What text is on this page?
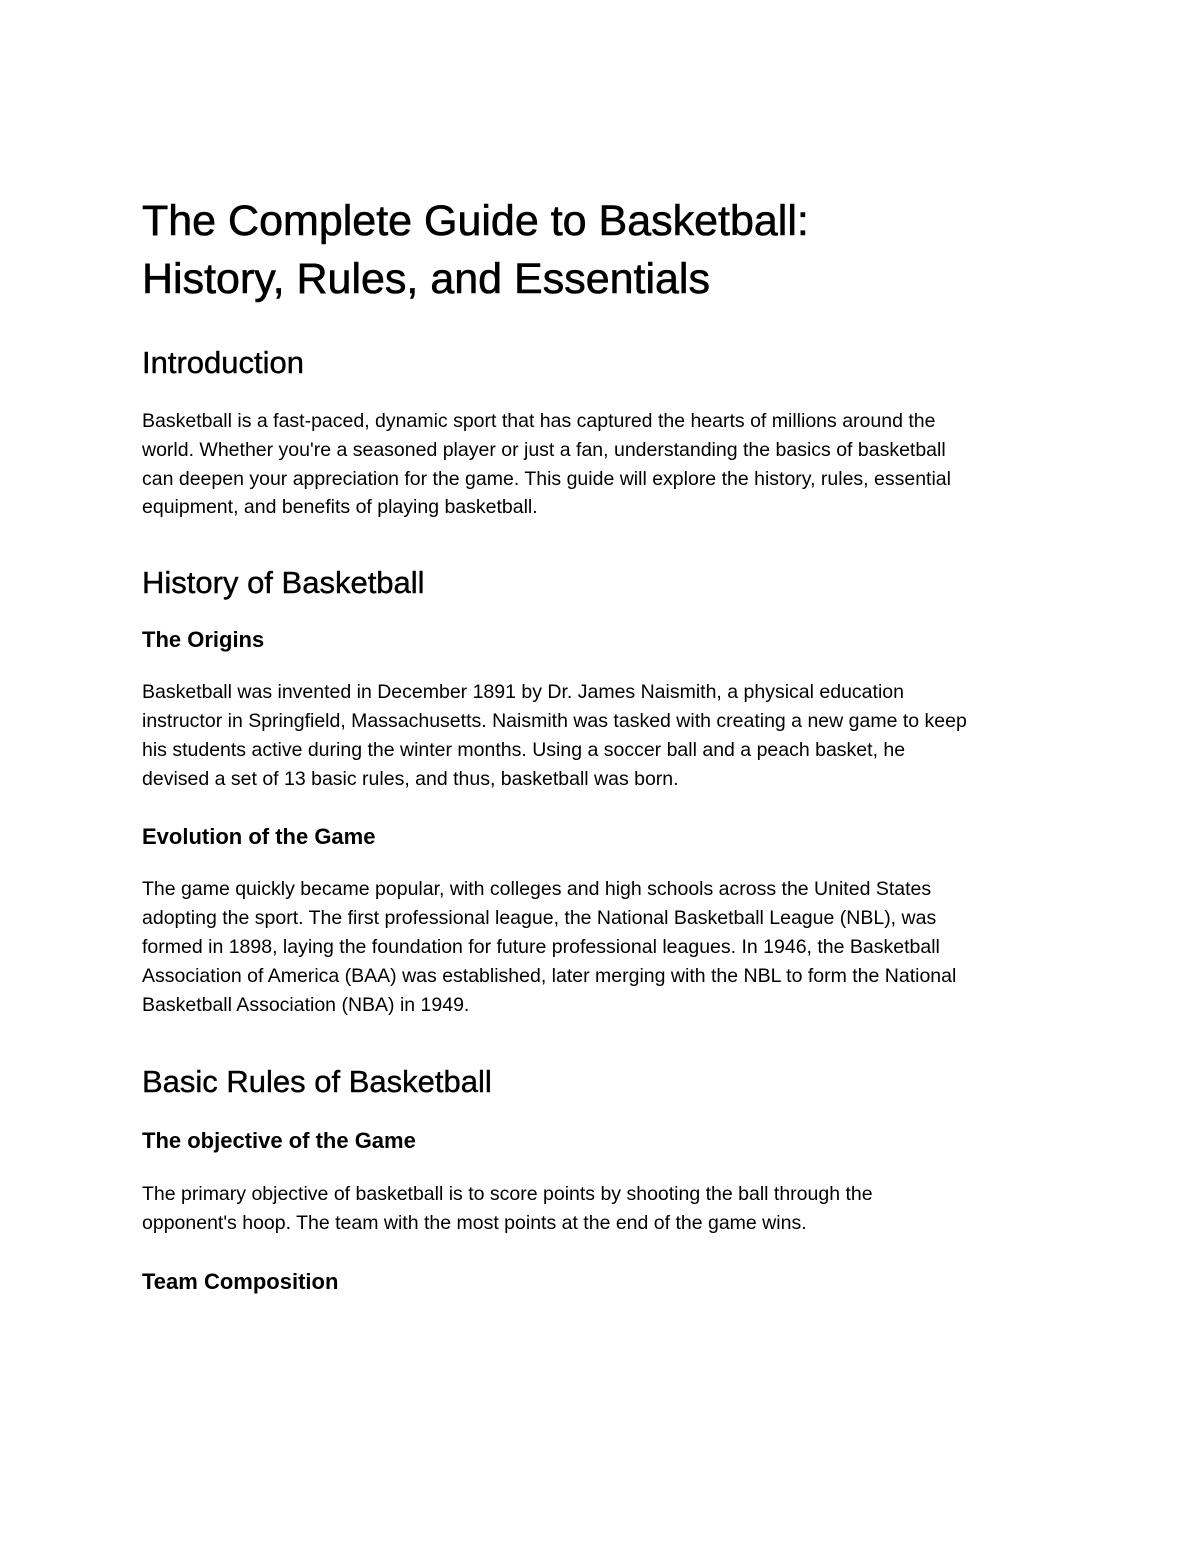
The Complete Guide to Basketball:
History, Rules, and Essentials
Introduction

Basketball is a fast-paced, dynamic sport that has captured the hearts of millions around the
world. Whether you're a seasoned player or just a fan, understanding the basics of basketball
can deepen your appreciation for the game. This guide will explore the history, rules, essential
equipment, and benefits of playing basketball.

History of Basketball
The Origins

Basketball was invented in December 1891 by Dr. James Naismith, a physical education
instructor in Springfield, Massachusetts. Naismith was tasked with creating a new game to keep
his students active during the winter months. Using a soccer ball and a peach basket, he
devised a set of 13 basic rules, and thus, basketball was born.

Evolution of the Game

The game quickly became popular, with colleges and high schools across the United States
adopting the sport. The first professional league, the National Basketball League (NBL), was
formed in 1898, laying the foundation for future professional leagues. In 1946, the Basketball
Association of America (BAA) was established, later merging with the NBL to form the National
Basketball Association (NBA) in 1949.

Basic Rules of Basketball
The objective of the Game

The primary objective of basketball is to score points by shooting the ball through the
opponent's hoop. The team with the most points at the end of the game wins.

Team Composition
